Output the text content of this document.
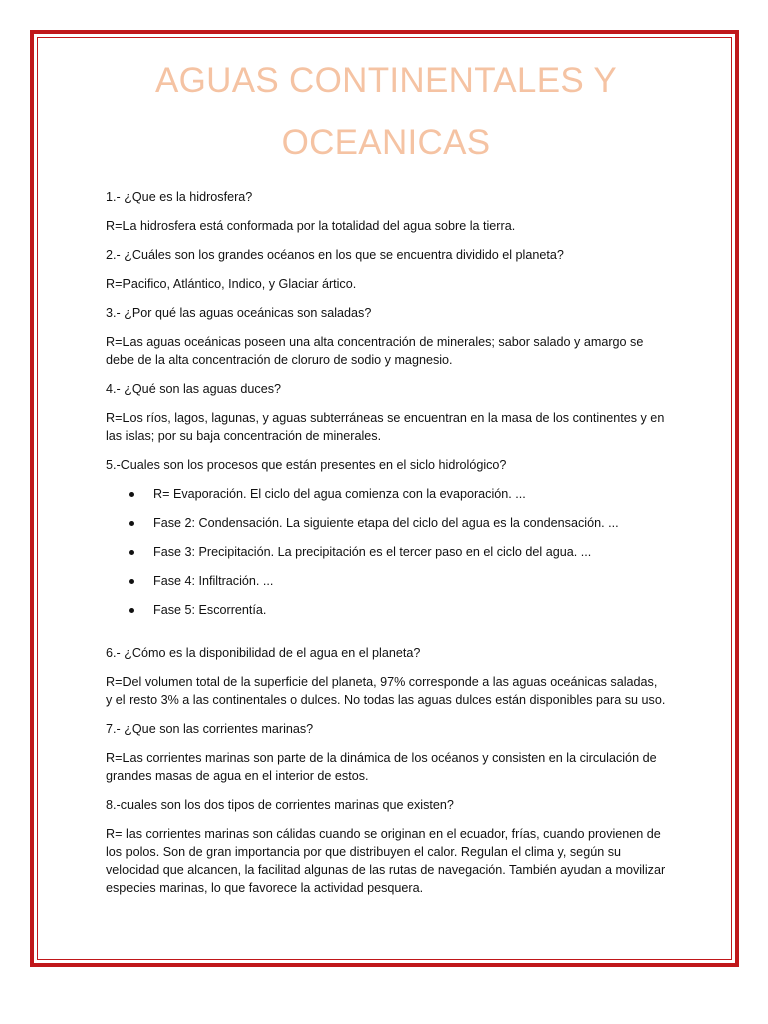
AGUAS CONTINENTALES Y
OCEANICAS

1.- ¿Que es la hidrosfera?

R=La hidrosfera está conformada por la totalidad del agua sobre la tierra.

2.- ¿Cuáles son los grandes océanos en los que se encuentra dividido el planeta?

R=Pacifico, Atlántico, Indico, y Glaciar ártico.

3.- ¿Por qué las aguas oceánicas son saladas?

R=Las aguas oceánicas poseen una alta concentración de minerales; sabor salado y amargo se debe de la alta concentración de cloruro de sodio y magnesio.

4.- ¿Qué son las aguas duces?

R=Los ríos, lagos, lagunas, y aguas subterráneas se encuentran en la masa de los continentes y en las islas; por su baja concentración de minerales.

5.-Cuales son los procesos que están presentes en el siclo hidrológico?

R= Evaporación. El ciclo del agua comienza con la evaporación. ...
Fase 2: Condensación. La siguiente etapa del ciclo del agua es la condensación. ...
Fase 3: Precipitación. La precipitación es el tercer paso en el ciclo del agua. ...
Fase 4: Infiltración. ...
Fase 5: Escorrentía.

6.- ¿Cómo es la disponibilidad de el agua en el planeta?

R=Del volumen total de la superficie del planeta, 97% corresponde a las aguas oceánicas saladas, y el resto 3% a las continentales o dulces. No todas las aguas dulces están disponibles para su uso.

7.- ¿Que son las corrientes marinas?

R=Las corrientes marinas son parte de la dinámica de los océanos y consisten en la circulación de grandes masas de agua en el interior de estos.

8.-cuales son los dos tipos de corrientes marinas que existen?

R= las corrientes marinas son cálidas cuando se originan en el ecuador, frías, cuando provienen de los polos. Son de gran importancia por que distribuyen el calor. Regulan el clima y, según su velocidad que alcancen, la facilitad algunas de las rutas de navegación. También ayudan a movilizar especies marinas, lo que favorece la actividad pesquera.
